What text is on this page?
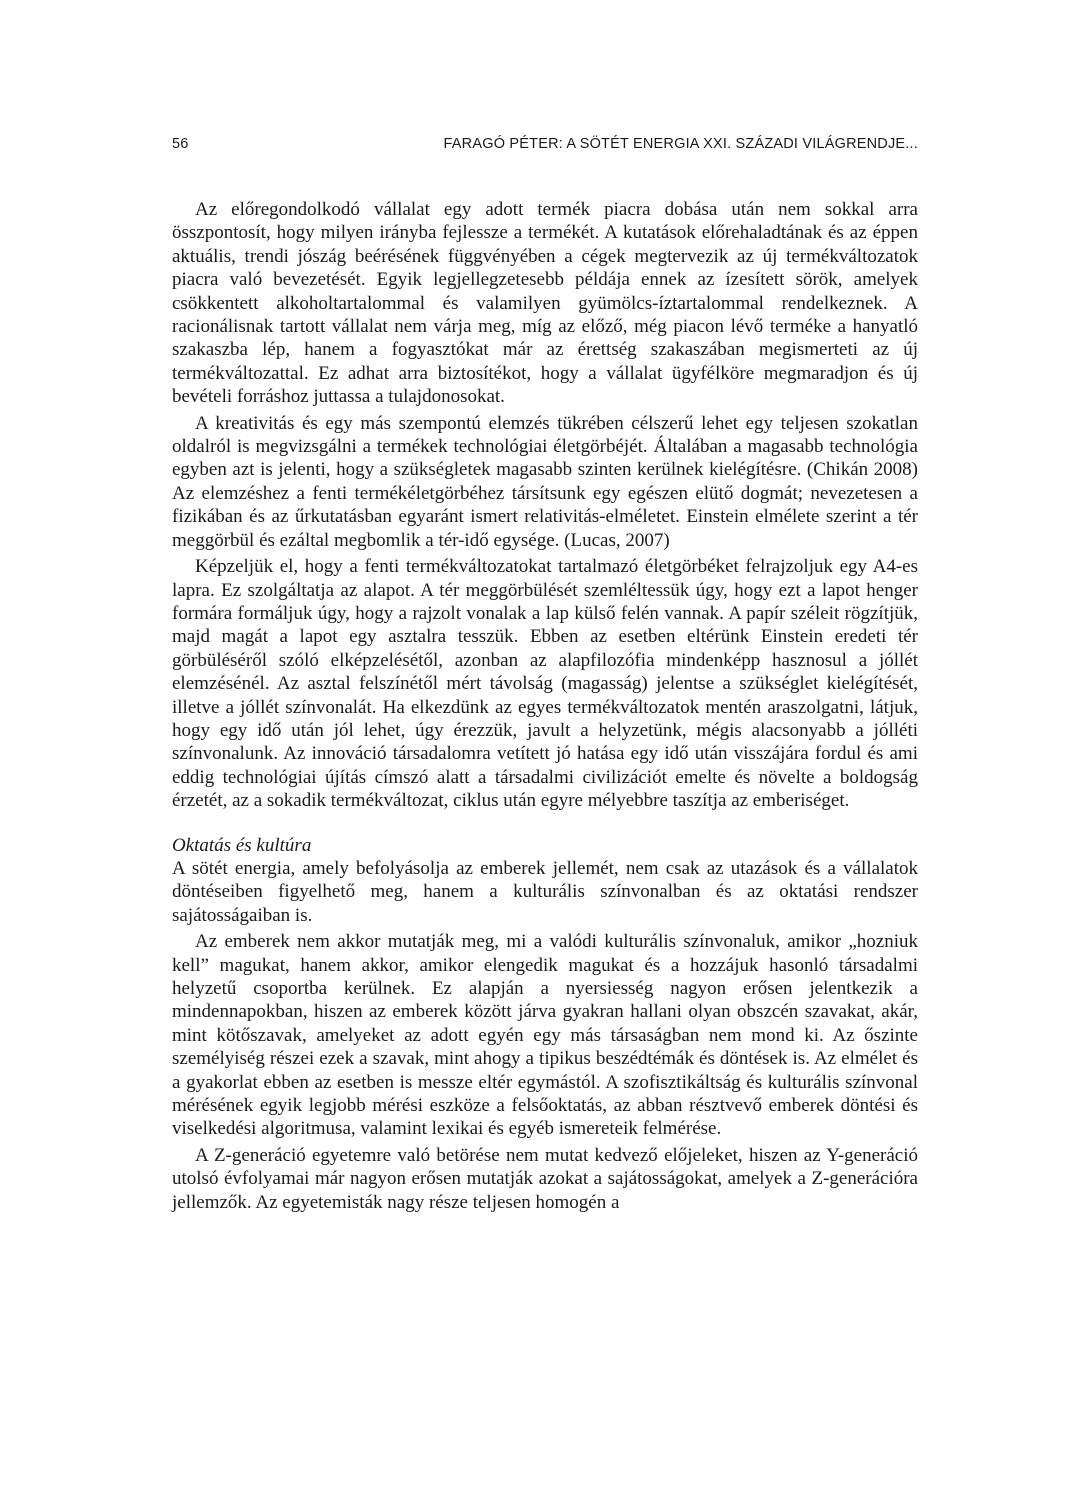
56	FARAGÓ PÉTER: A SÖTÉT ENERGIA XXI. SZÁZADI VILÁGRENDJE...

Az előregondolkodó vállalat egy adott termék piacra dobása után nem sokkal arra összpontosít, hogy milyen irányba fejlessze a termékét. A kutatások előrehaladtának és az éppen aktuális, trendi jószág beérésének függvényében a cégek megtervezik az új termékváltozatok piacra való bevezetését. Egyik legjellegzetesebb példája ennek az ízesített sörök, amelyek csökkentett alkoholtartalommal és valamilyen gyümölcs-íztartalommal rendelkeznek. A racionálisnak tartott vállalat nem várja meg, míg az előző, még piacon lévő terméke a hanyatló szakaszba lép, hanem a fogyasztókat már az érettség szakaszában megismerteti az új termékváltozattal. Ez adhat arra biztosítékot, hogy a vállalat ügyfélköre megmaradjon és új bevételi forráshoz juttassa a tulajdonosokat.

A kreativitás és egy más szempontú elemzés tükrében célszerű lehet egy teljesen szokatlan oldalról is megvizsgálni a termékek technológiai életgörbéjét. Általában a magasabb technológia egyben azt is jelenti, hogy a szükségletek magasabb szinten kerülnek kielégítésre. (Chikán 2008) Az elemzéshez a fenti termékéletgörbéhez társítsunk egy egészen elütő dogmát; nevezetesen a fizikában és az űrkutatásban egyaránt ismert relativitás-elméletet. Einstein elmélete szerint a tér meggörbül és ezáltal megbomlik a tér-idő egysége. (Lucas, 2007)

Képzeljük el, hogy a fenti termékváltozatokat tartalmazó életgörbéket felrajzoljuk egy A4-es lapra. Ez szolgáltatja az alapot. A tér meggörbülését szemléltessük úgy, hogy ezt a lapot henger formára formáljuk úgy, hogy a rajzolt vonalak a lap külső felén vannak. A papír széleit rögzítjük, majd magát a lapot egy asztalra tesszük. Ebben az esetben eltérünk Einstein eredeti tér görbüléséről szóló elképzelésétől, azonban az alapfilozófia mindenképp hasznosul a jóllét elemzésénél. Az asztal felszínétől mért távolság (magasság) jelentse a szükséglet kielégítését, illetve a jóllét színvonalát. Ha elkezdünk az egyes termékváltozatok mentén araszolgatni, látjuk, hogy egy idő után jól lehet, úgy érezzük, javult a helyzetünk, mégis alacsonyabb a jólléti színvonalunk. Az innováció társadalomra vetített jó hatása egy idő után visszájára fordul és ami eddig technológiai újítás címszó alatt a társadalmi civilizációt emelte és növelte a boldogság érzetét, az a sokadik termékváltozat, ciklus után egyre mélyebbre taszítja az emberiséget.

Oktatás és kultúra

A sötét energia, amely befolyásolja az emberek jellemét, nem csak az utazások és a vállalatok döntéseiben figyelhető meg, hanem a kulturális színvonalban és az oktatási rendszer sajátosságaiban is.

Az emberek nem akkor mutatják meg, mi a valódi kulturális színvonaluk, amikor „hozniuk kell” magukat, hanem akkor, amikor elengedik magukat és a hozzájuk hasonló társadalmi helyzetű csoportba kerülnek. Ez alapján a nyersiesség nagyon erősen jelentkezik a mindennapokban, hiszen az emberek között járva gyakran hallani olyan obszcén szavakat, akár, mint kötőszavak, amelyeket az adott egyén egy más társaságban nem mond ki. Az őszinte személyiség részei ezek a szavak, mint ahogy a tipikus beszédtémák és döntések is. Az elmélet és a gyakorlat ebben az esetben is messze eltér egymástól. A szofisztikáltság és kulturális színvonal mérésének egyik legjobb mérési eszköze a felsőoktatás, az abban résztvevő emberek döntési és viselkedési algoritmusa, valamint lexikai és egyéb ismereteik felmérése.

A Z-generáció egyetemre való betörése nem mutat kedvező előjeleket, hiszen az Y-generáció utolsó évfolyamai már nagyon erősen mutatják azokat a sajátosságokat, amelyek a Z-generációra jellemzők. Az egyetemisták nagy része teljesen homogén a
